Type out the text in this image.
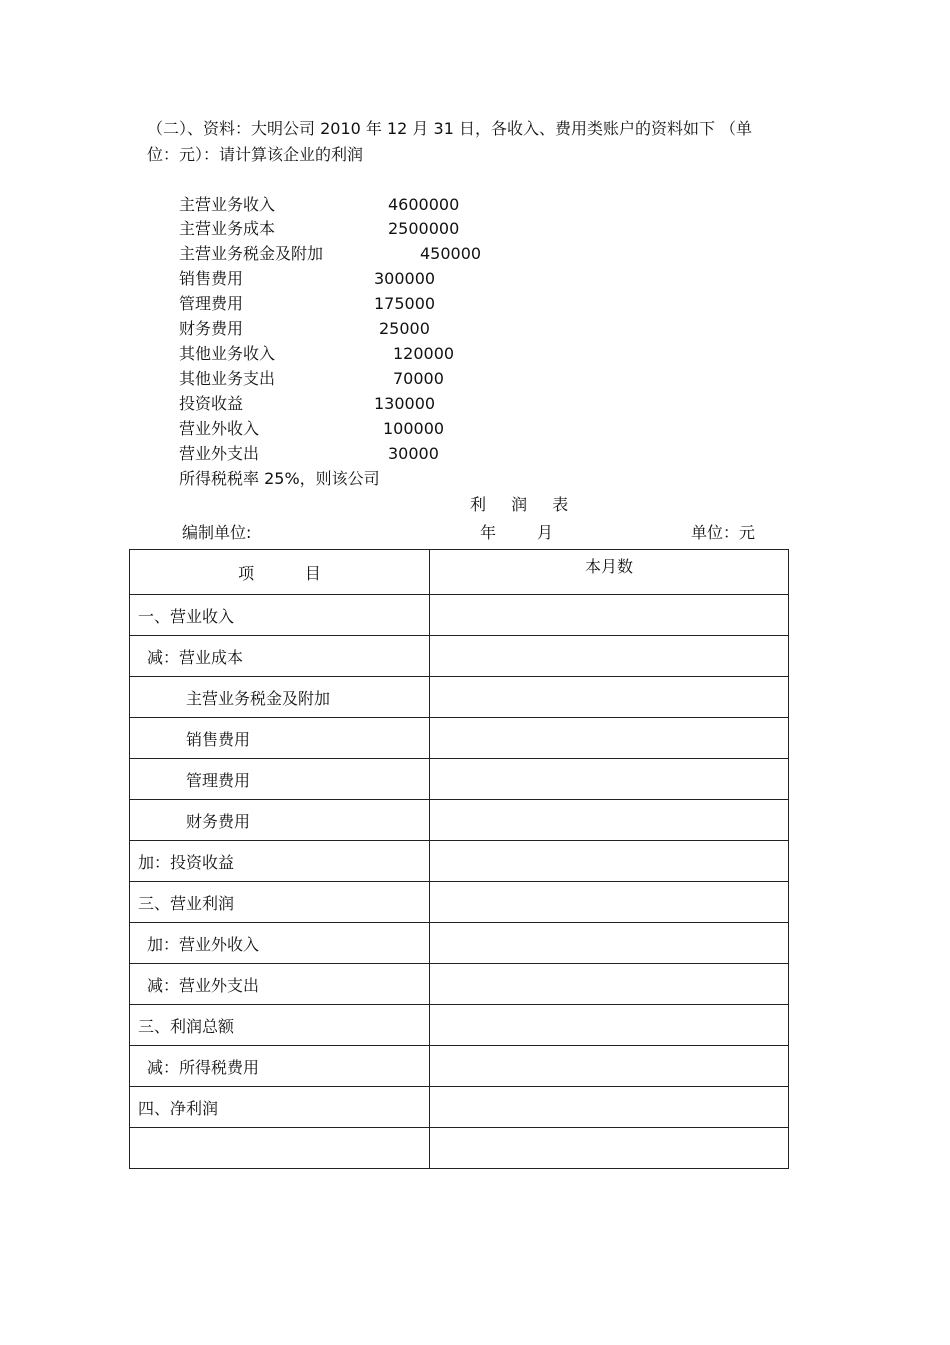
（二）、资料：大明公司 2010 年 12 月 31 日，各收入、费用类账户的资料如下 （单
位：元）：请计算该企业的利润
主营业务收入	4600000
主营业务成本	2500000
主营业务税金及附加	450000
销售费用	300000
管理费用	175000
财务费用	25000
其他业务收入	120000
其他业务支出	70000
投资收益	130000
营业外收入	100000
营业外支出	30000
所得税税率 25%，则该公司
利 润 表
编制单位:	年	月	单位：元
项          目	本月数
一、营业收入	
减：营业成本	
主营业务税金及附加	
销售费用	
管理费用	
财务费用	
加：投资收益	
三、营业利润	
加：营业外收入	
减：营业外支出	
三、利润总额	
减：所得税费用	
四、净利润	
